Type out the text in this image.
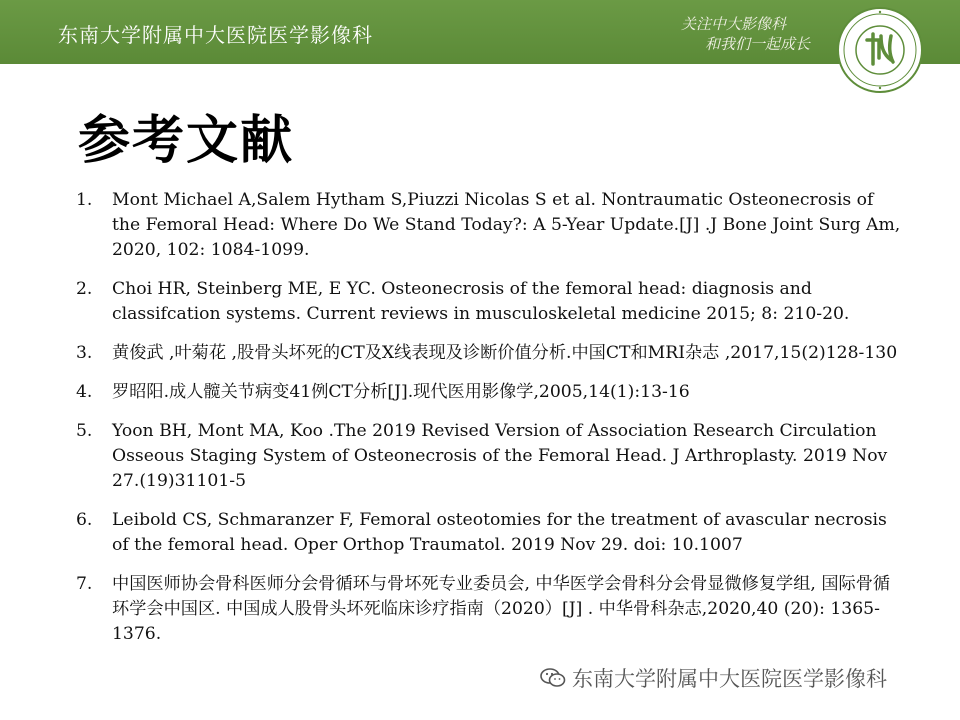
东南大学附属中大医院医学影像科	关注中大影像科
和我们一起成长
参考文献
1. Mont Michael A,Salem Hytham S,Piuzzi Nicolas S et al. Nontraumatic Osteonecrosis of the Femoral Head: Where Do We Stand Today?: A 5-Year Update.[J] .J Bone Joint Surg Am, 2020, 102: 1084-1099.
2. Choi HR, Steinberg ME, E YC. Osteonecrosis of the femoral head: diagnosis and classifcation systems. Current reviews in musculoskeletal medicine 2015; 8: 210-20.
3. 黄俊武 ,叶菊花 ,股骨头坏死的CT及X线表现及诊断价值分析.中国CT和MRI杂志 ,2017,15(2)128-130
4. 罗昭阳.成人髋关节病变41例CT分析[J].现代医用影像学,2005,14(1):13-16
5. Yoon BH, Mont MA, Koo .The 2019 Revised Version of Association Research Circulation Osseous Staging System of Osteonecrosis of the Femoral Head. J Arthroplasty. 2019 Nov 27.(19)31101-5
6. Leibold CS, Schmaranzer F, Femoral osteotomies for the treatment of avascular necrosis of the femoral head. Oper Orthop Traumatol. 2019 Nov 29. doi: 10.1007
7. 中国医师协会骨科医师分会骨循环与骨坏死专业委员会, 中华医学会骨科分会骨显微修复学组, 国际骨循环学会中国区. 中国成人股骨头坏死临床诊疗指南（2020）[J] . 中华骨科杂志,2020,40 (20): 1365-1376.
东南大学附属中大医院医学影像科
